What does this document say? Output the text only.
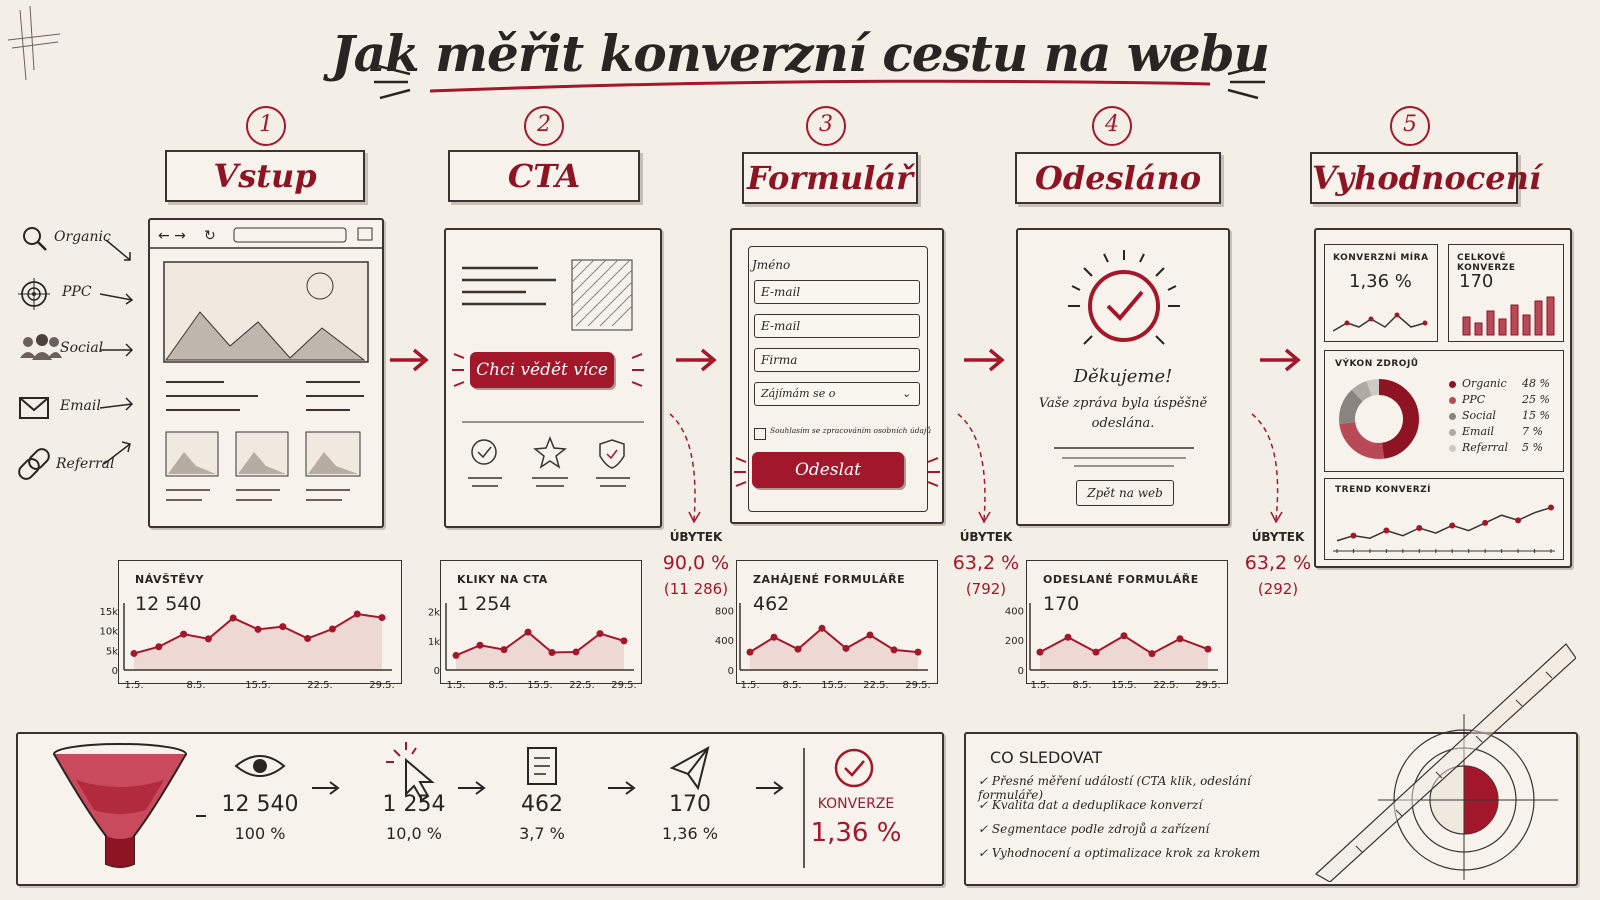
Jak měřit konverzní cestu na webu
1
Vstup
2
CTA
3
Formulář
4
Odesláno
5
Vyhodnocení
Organic
PPC
Social
Email
Referral
← → ↻
Chci vědět více
Jméno
E-mail
E-mail
Firma
Zájímám se o	⌄
Souhlasím se zpracováním osobních údajů
Odeslat
Děkujeme!
Vaše zpráva byla úspěšně
odeslána.
Zpět na web
KONVERZNÍ MÍRA
1,36 %
CELKOVÉ KONVERZE
170
VÝKON ZDROJŮ
Organic 48 %
PPC	25 %
Social 15 %
Email	7 %
Referral 5 %
TREND KONVERZÍ
NÁVŠTĚVY
12 540
0
5k
10k
15k
1.5.	8.5.	15.5.	22.5.	29.5.
KLIKY NA CTA
1 254
0
1k
2k
1.5. 8.5. 15.5. 22.5. 29.5.
ZAHÁJENÉ FORMULÁŘE
462
0
400
800
1.5. 8.5. 15.5. 22.5. 29.5.
ODESLANÉ FORMULÁŘE
170
0
200
400
1.5. 8.5. 15.5. 22.5. 29.5.
ÚBYTEK
90,0 %
(11 286)
ÚBYTEK
63,2 %
(792)
ÚBYTEK
63,2 %
(292)
12 540
100 %
1 254
10,0 %
462
3,7 %
170
1,36 %
KONVERZE
1,36 %
CO SLEDOVAT
✓ Přesné měření událostí (CTA klik, odeslání formuláře)
✓ Kvalita dat a deduplikace konverzí
✓ Segmentace podle zdrojů a zařízení
✓ Vyhodnocení a optimalizace krok za krokem
